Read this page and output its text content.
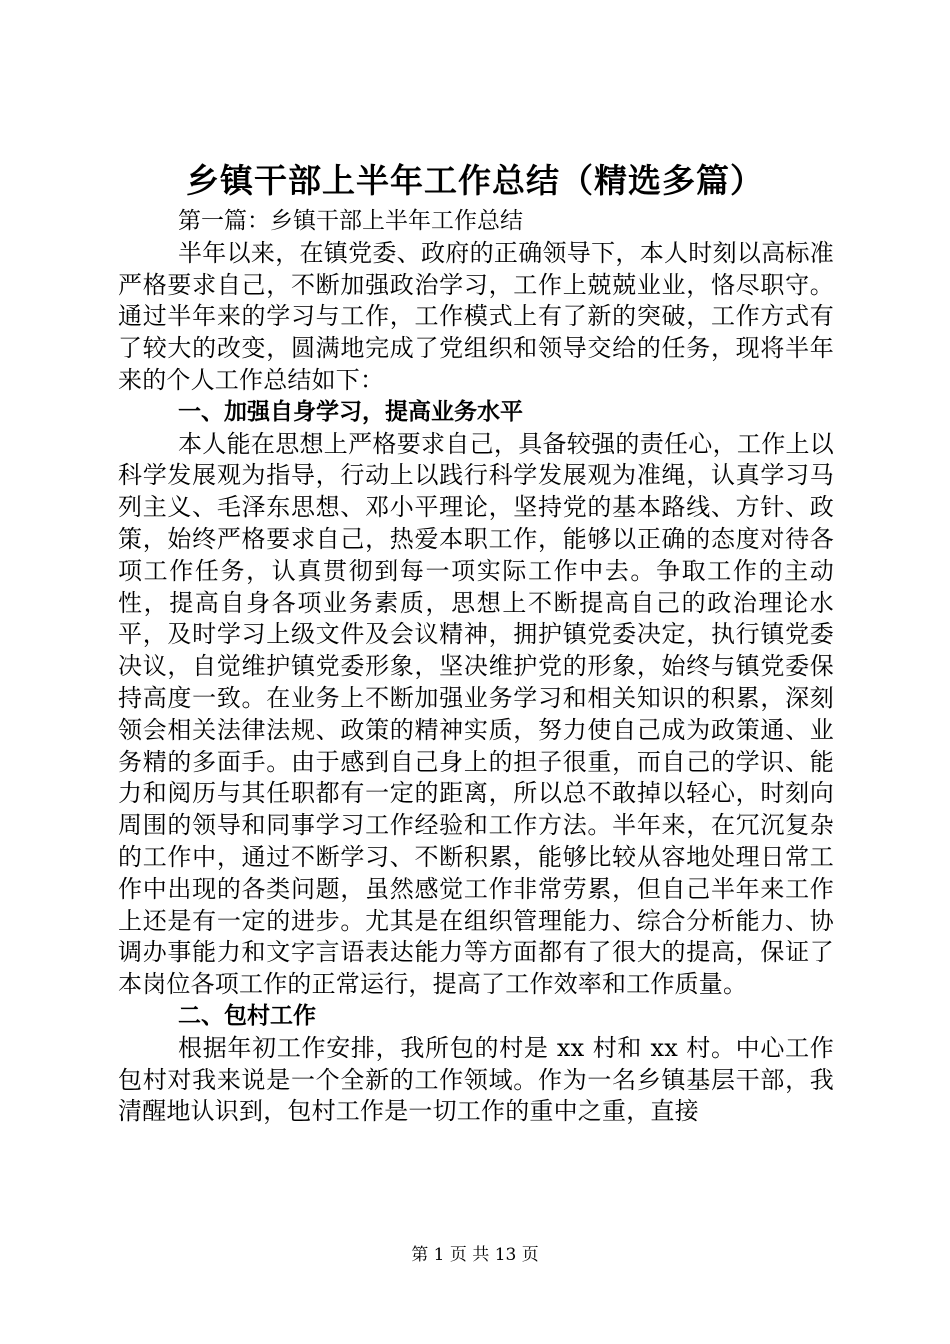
乡镇干部上半年工作总结（精选多篇）

第一篇：乡镇干部上半年工作总结

半年以来，在镇党委、政府的正确领导下，本人时刻以高标准严格要求自己，不断加强政治学习，工作上兢兢业业，恪尽职守。通过半年来的学习与工作，工作模式上有了新的突破，工作方式有了较大的改变，圆满地完成了党组织和领导交给的任务，现将半年来的个人工作总结如下：

一、加强自身学习，提高业务水平

本人能在思想上严格要求自己，具备较强的责任心，工作上以科学发展观为指导，行动上以践行科学发展观为准绳，认真学习马列主义、毛泽东思想、邓小平理论，坚持党的基本路线、方针、政策，始终严格要求自己，热爱本职工作，能够以正确的态度对待各项工作任务，认真贯彻到每一项实际工作中去。争取工作的主动性，提高自身各项业务素质，思想上不断提高自己的政治理论水平，及时学习上级文件及会议精神，拥护镇党委决定，执行镇党委决议，自觉维护镇党委形象，坚决维护党的形象，始终与镇党委保持高度一致。在业务上不断加强业务学习和相关知识的积累，深刻领会相关法律法规、政策的精神实质，努力使自己成为政策通、业务精的多面手。由于感到自己身上的担子很重，而自己的学识、能力和阅历与其任职都有一定的距离，所以总不敢掉以轻心，时刻向周围的领导和同事学习工作经验和工作方法。半年来，在冗沉复杂的工作中，通过不断学习、不断积累，能够比较从容地处理日常工作中出现的各类问题，虽然感觉工作非常劳累，但自己半年来工作上还是有一定的进步。尤其是在组织管理能力、综合分析能力、协调办事能力和文字言语表达能力等方面都有了很大的提高，保证了本岗位各项工作的正常运行，提高了工作效率和工作质量。

二、包村工作

根据年初工作安排，我所包的村是 xx 村和 xx 村。中心工作包村对我来说是一个全新的工作领域。作为一名乡镇基层干部，我清醒地认识到，包村工作是一切工作的重中之重，直接

第 1 页 共 13 页
